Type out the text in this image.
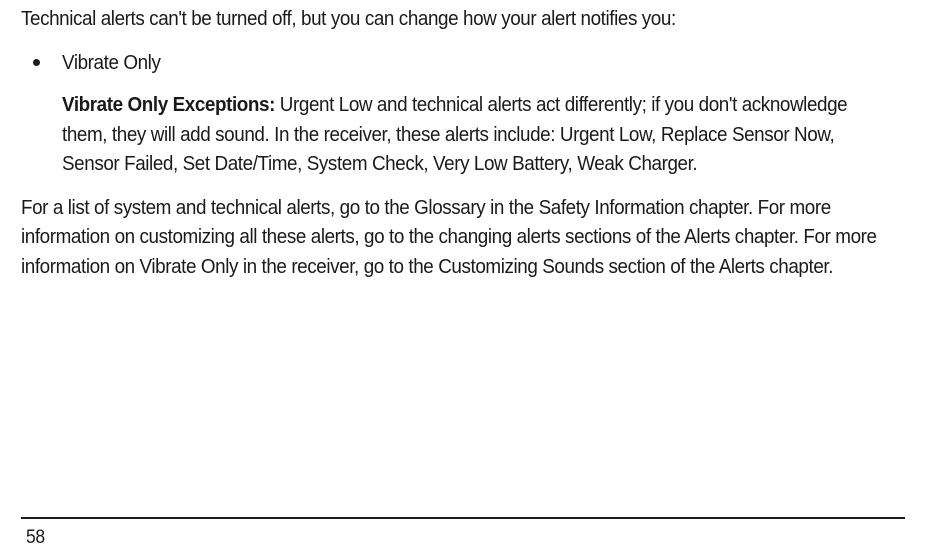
Technical alerts can't be turned off, but you can change how your alert notifies you:

Vibrate Only

Vibrate Only Exceptions: Urgent Low and technical alerts act differently; if you don't acknowledge them, they will add sound. In the receiver, these alerts include: Urgent Low, Replace Sensor Now, Sensor Failed, Set Date/Time, System Check, Very Low Battery, Weak Charger.

For a list of system and technical alerts, go to the Glossary in the Safety Information chapter. For more information on customizing all these alerts, go to the changing alerts sections of the Alerts chapter. For more information on Vibrate Only in the receiver, go to the Customizing Sounds section of the Alerts chapter.

58
